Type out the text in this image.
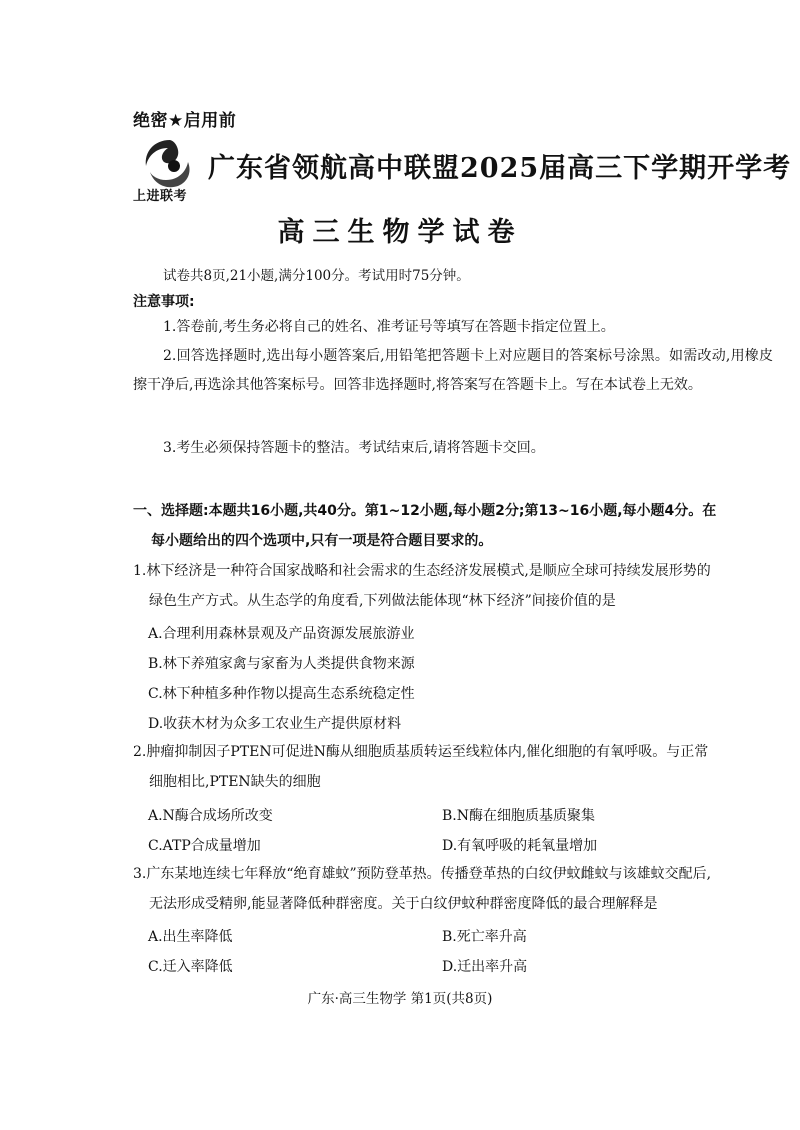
绝密★启用前
上进联考
广东省领航高中联盟2025届高三下学期开学考
高三生物学试卷
试卷共8页,21小题,满分100分。考试用时75分钟。
注意事项:
1.答卷前,考生务必将自己的姓名、准考证号等填写在答题卡指定位置上。
2.回答选择题时,选出每小题答案后,用铅笔把答题卡上对应题目的答案标号涂黑。如需改动,用橡皮擦干净后,再选涂其他答案标号。回答非选择题时,将答案写在答题卡上。写在本试卷上无效。
3.考生必须保持答题卡的整洁。考试结束后,请将答题卡交回。
一、选择题:本题共16小题,共40分。第1~12小题,每小题2分;第13~16小题,每小题4分。在
每小题给出的四个选项中,只有一项是符合题目要求的。
1.林下经济是一种符合国家战略和社会需求的生态经济发展模式,是顺应全球可持续发展形势的
绿色生产方式。从生态学的角度看,下列做法能体现“林下经济”间接价值的是
A.合理利用森林景观及产品资源发展旅游业
B.林下养殖家禽与家畜为人类提供食物来源
C.林下种植多种作物以提高生态系统稳定性
D.收获木材为众多工农业生产提供原材料
2.肿瘤抑制因子PTEN可促进N酶从细胞质基质转运至线粒体内,催化细胞的有氧呼吸。与正常
细胞相比,PTEN缺失的细胞
A.N酶合成场所改变	B.N酶在细胞质基质聚集
C.ATP合成量增加	D.有氧呼吸的耗氧量增加
3.广东某地连续七年释放“绝育雄蚊”预防登革热。传播登革热的白纹伊蚊雌蚊与该雄蚊交配后,
无法形成受精卵,能显著降低种群密度。关于白纹伊蚊种群密度降低的最合理解释是
A.出生率降低	B.死亡率升高
C.迁入率降低	D.迁出率升高
广东·高三生物学 第1页(共8页)
